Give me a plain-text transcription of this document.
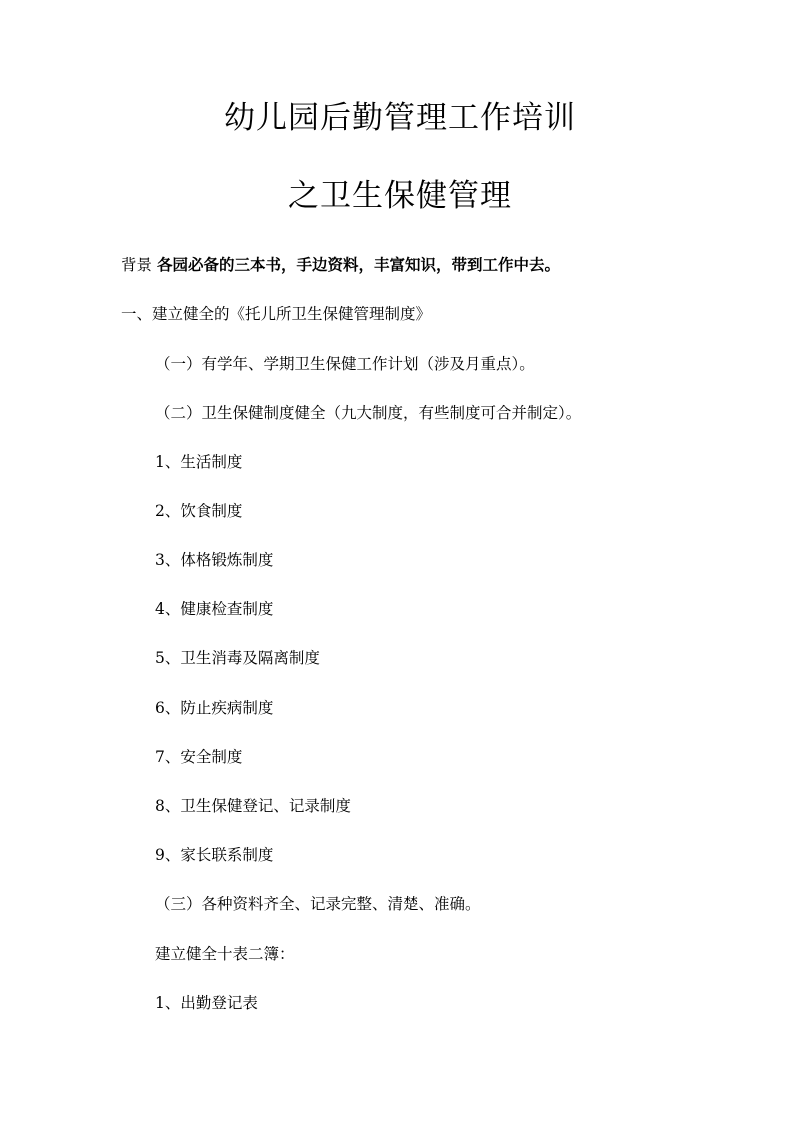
幼儿园后勤管理工作培训
之卫生保健管理

背景 各园必备的三本书，手边资料，丰富知识，带到工作中去。

一、建立健全的《托儿所卫生保健管理制度》

（一）有学年、学期卫生保健工作计划（涉及月重点）。

（二）卫生保健制度健全（九大制度，有些制度可合并制定）。

1、生活制度

2、饮食制度

3、体格锻炼制度

4、健康检查制度

5、卫生消毒及隔离制度

6、防止疾病制度

7、安全制度

8、卫生保健登记、记录制度

9、家长联系制度

（三）各种资料齐全、记录完整、清楚、准确。

建立健全十表二簿：

1、出勤登记表
